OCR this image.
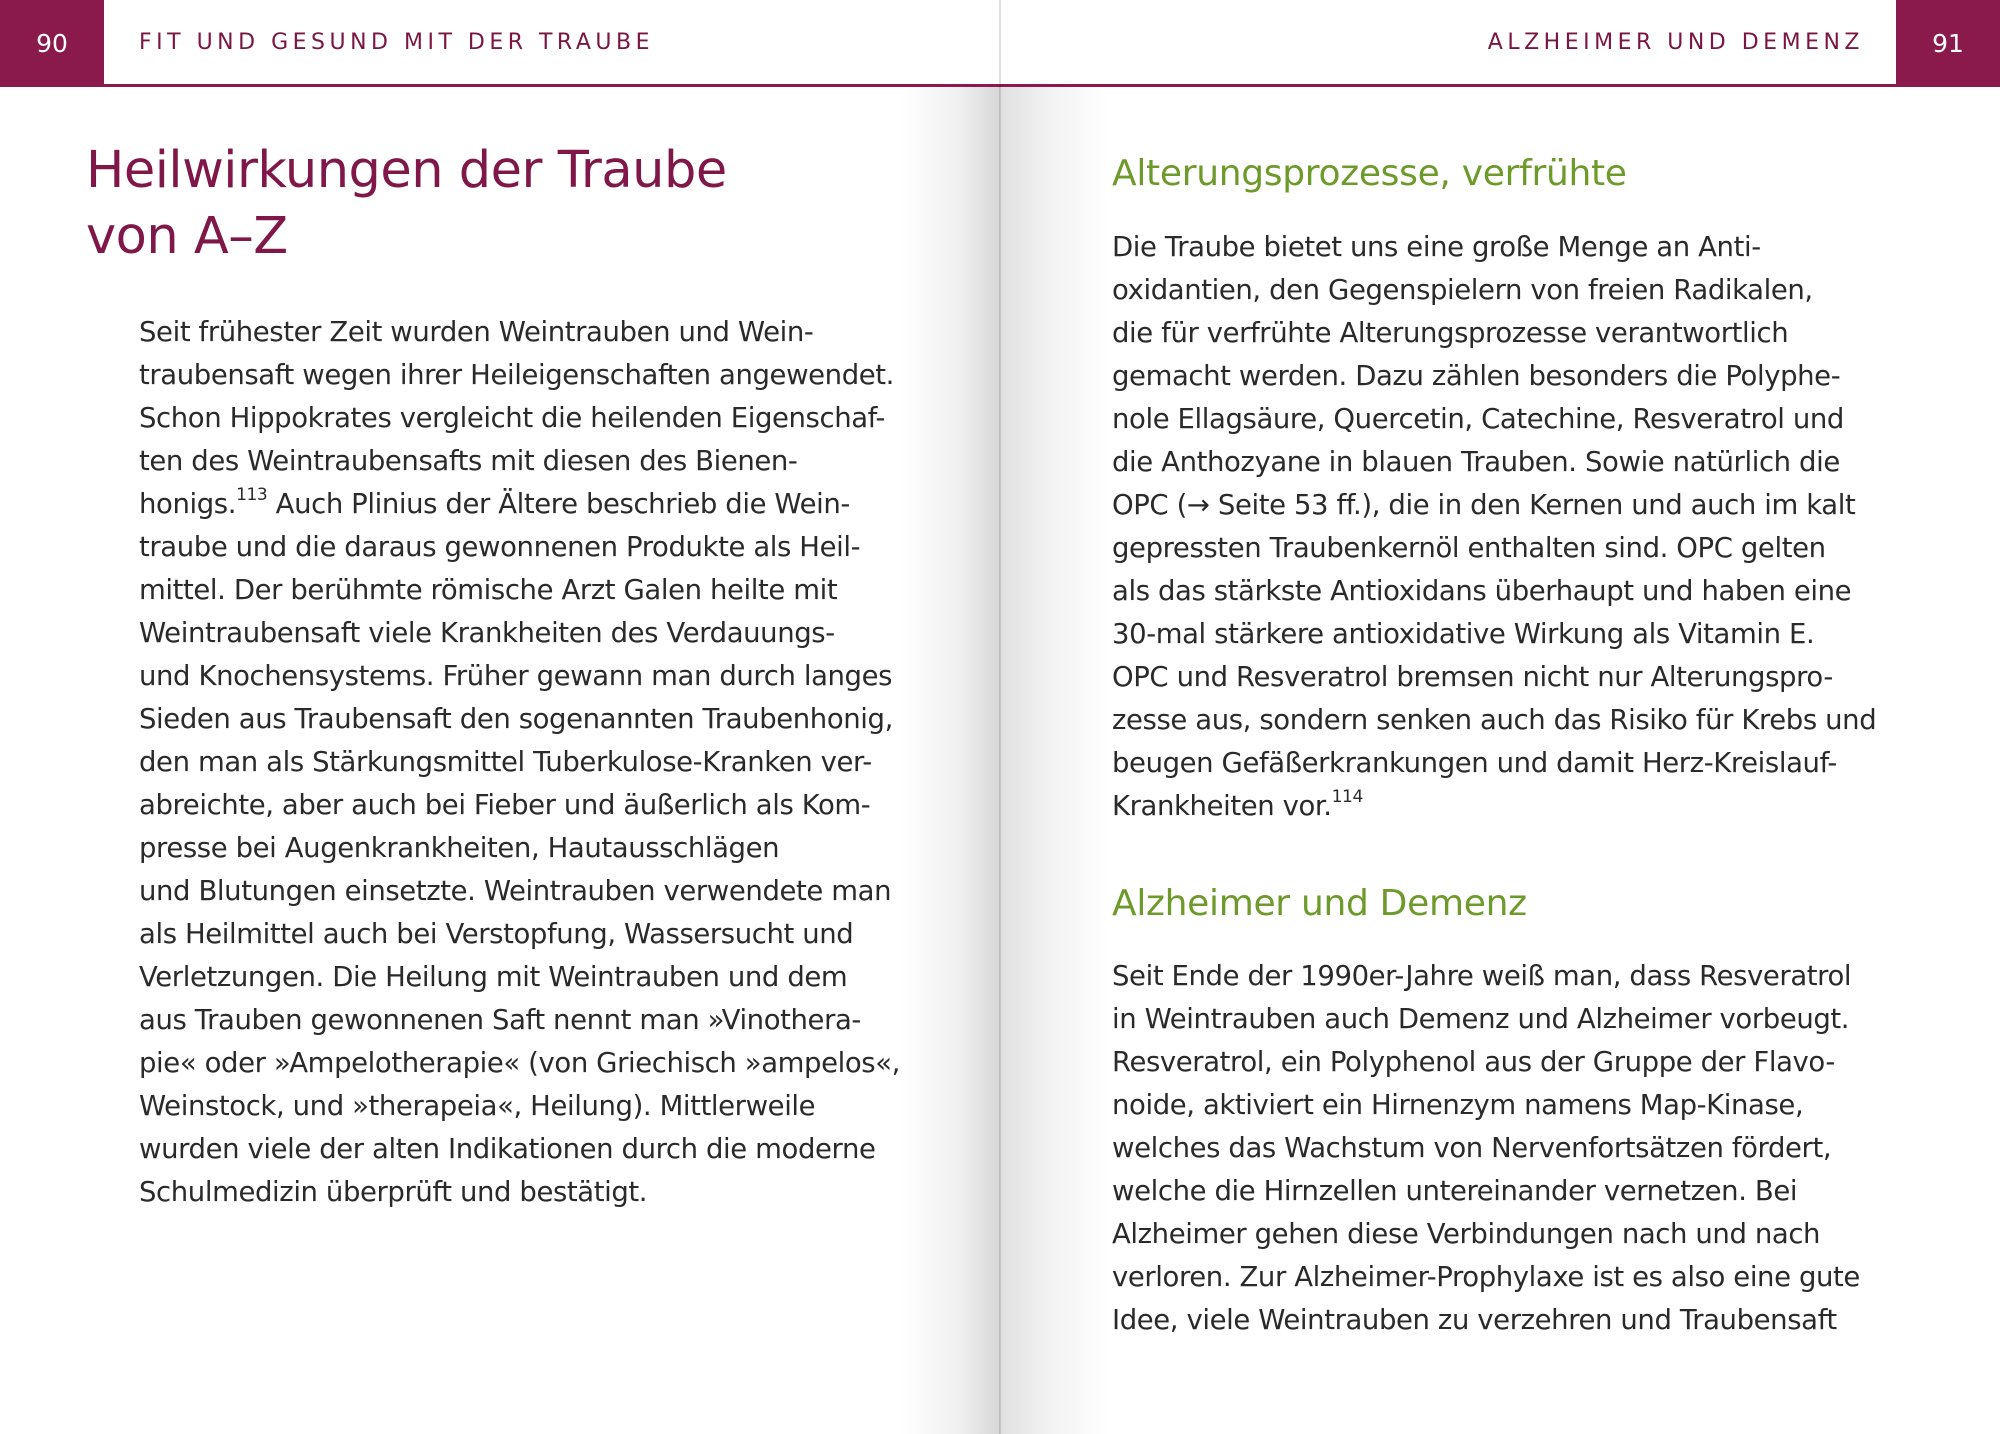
90	FIT UND GESUND MIT DER TRAUBE
Heilwirkungen der Traube
von A–Z
Seit frühester Zeit wurden Weintrauben und Wein-
traubensaft wegen ihrer Heileigenschaften angewendet.
Schon Hippokrates vergleicht die heilenden Eigenschaf-
ten des Weintraubensafts mit diesen des Bienen-
honigs.$^{113}$ Auch Plinius der Ältere beschrieb die Wein-
traube und die daraus gewonnenen Produkte als Heil-
mittel. Der berühmte römische Arzt Galen heilte mit
Weintraubensaft viele Krankheiten des Verdauungs-
und Knochensystems. Früher gewann man durch langes
Sieden aus Traubensaft den sogenannten Traubenhonig,
den man als Stärkungsmittel Tuberkulose-Kranken ver-
abreichte, aber auch bei Fieber und äußerlich als Kom-
presse bei Augenkrankheiten, Hautausschlägen
und Blutungen einsetzte. Weintrauben verwendete man
als Heilmittel auch bei Verstopfung, Wassersucht und
Verletzungen. Die Heilung mit Weintrauben und dem
aus Trauben gewonnenen Saft nennt man »Vinothera-
pie« oder »Ampelotherapie« (von Griechisch »ampelos«,
Weinstock, und »therapeia«, Heilung). Mittlerweile
wurden viele der alten Indikationen durch die moderne
Schulmedizin überprüft und bestätigt.
91
ALZHEIMER UND DEMENZ
Alterungsprozesse, verfrühte
Die Traube bietet uns eine große Menge an Anti-
oxidantien, den Gegenspielern von freien Radikalen,
die für verfrühte Alterungsprozesse verantwortlich
gemacht werden. Dazu zählen besonders die Polyphe-
nole Ellagsäure, Quercetin, Catechine, Resveratrol und
die Anthozyane in blauen Trauben. Sowie natürlich die
OPC (→ Seite 53 ff.), die in den Kernen und auch im kalt
gepressten Traubenkernöl enthalten sind. OPC gelten
als das stärkste Antioxidans überhaupt und haben eine
30-mal stärkere antioxidative Wirkung als Vitamin E.
OPC und Resveratrol bremsen nicht nur Alterungspro-
zesse aus, sondern senken auch das Risiko für Krebs und
beugen Gefäßerkrankungen und damit Herz-Kreislauf-
Krankheiten vor.$^{114}$
Alzheimer und Demenz
Seit Ende der 1990er-Jahre weiß man, dass Resveratrol
in Weintrauben auch Demenz und Alzheimer vorbeugt.
Resveratrol, ein Polyphenol aus der Gruppe der Flavo-
noide, aktiviert ein Hirnenzym namens Map-Kinase,
welches das Wachstum von Nervenfortsätzen fördert,
welche die Hirnzellen untereinander vernetzen. Bei
Alzheimer gehen diese Verbindungen nach und nach
verloren. Zur Alzheimer-Prophylaxe ist es also eine gute
Idee, viele Weintrauben zu verzehren und Traubensaft
